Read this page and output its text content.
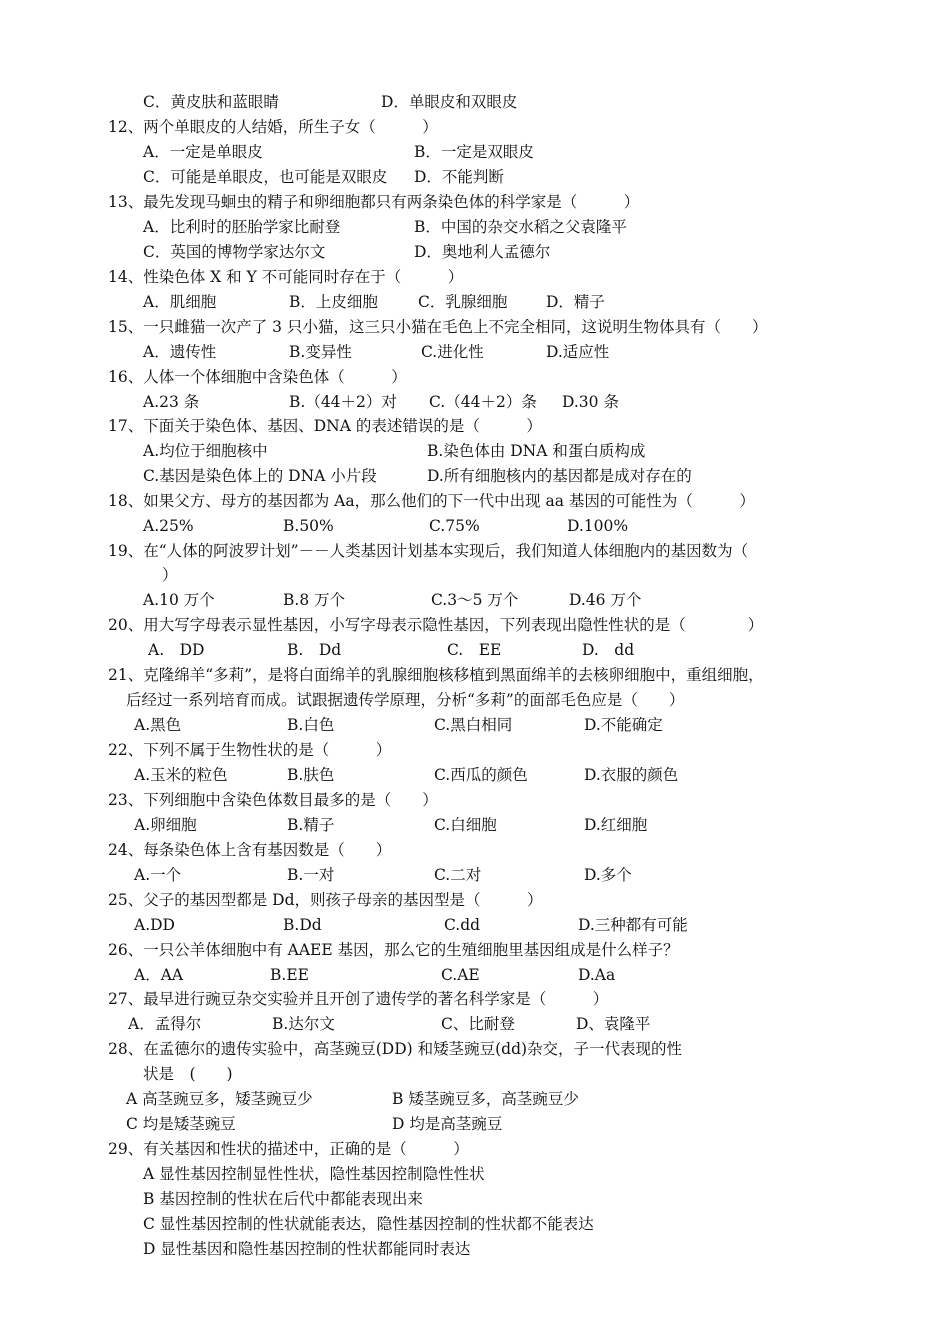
C．黄皮肤和蓝眼睛	D．单眼皮和双眼皮
12、两个单眼皮的人结婚，所生子女（　　　）
A．一定是单眼皮	B．一定是双眼皮
C．可能是单眼皮，也可能是双眼皮 D．不能判断
13、最先发现马蛔虫的精子和卵细胞都只有两条染色体的科学家是（　　　）
A．比利时的胚胎学家比耐登	B．中国的杂交水稻之父袁隆平
C．英国的博物学家达尔文	D．奥地利人孟德尔
14、性染色体 X 和 Y 不可能同时存在于（　　　）
A．肌细胞	B．上皮细胞	C．乳腺细胞 D．精子
15、一只雌猫一次产了 3 只小猫，这三只小猫在毛色上不完全相同，这说明生物体具有（　　）
A．遗传性	B.变异性	C.进化性	D.适应性
16、人体一个体细胞中含染色体（　　　）
A.23 条	B.（44＋2）对 C.（44＋2）条 D.30 条
17、下面关于染色体、基因、DNA 的表述错误的是（　　　）
A.均位于细胞核中	B.染色体由 DNA 和蛋白质构成
C.基因是染色体上的 DNA 小片段	D.所有细胞核内的基因都是成对存在的
18、如果父方、母方的基因都为 Aa，那么他们的下一代中出现 aa 基因的可能性为（　　　）
A.25%	B.50%	C.75%	D.100%
19、在“人体的阿波罗计划”－－人类基因计划基本实现后，我们知道人体细胞内的基因数为（
）
A.10 万个	B.8 万个	C.3～5 万个	D.46 万个
20、用大写字母表示显性基因，小写字母表示隐性基因，下列表现出隐性性状的是（　　　　）
A.　DD	B.　Dd	C.　EE	D.　dd
21、克隆绵羊“多莉”，是将白面绵羊的乳腺细胞核移植到黑面绵羊的去核卵细胞中，重组细胞，
后经过一系列培育而成。试跟据遗传学原理，分析“多莉”的面部毛色应是（　　）
A.黑色	B.白色	C.黑白相同	D.不能确定
22、下列不属于生物性状的是（　　　）
A.玉米的粒色	B.肤色	C.西瓜的颜色	D.衣服的颜色
23、下列细胞中含染色体数目最多的是（　　）
A.卵细胞	B.精子	C.白细胞	D.红细胞
24、每条染色体上含有基因数是（　　）
A.一个	B.一对	C.二对	D.多个
25、父子的基因型都是 Dd，则孩子母亲的基因型是（　　　）
A.DD	B.Dd	C.dd	D.三种都有可能
26、一只公羊体细胞中有 AAEE 基因，那么它的生殖细胞里基因组成是什么样子？
A．AA	B.EE	C.AE	D.Aa
27、最早进行豌豆杂交实验并且开创了遗传学的著名科学家是（　　　）
A．孟得尔	B.达尔文	C、比耐登	D、袁隆平
28、在孟德尔的遗传实验中，高茎豌豆(DD) 和矮茎豌豆(dd)杂交，子一代表现的性
状是　(　　)
A 高茎豌豆多，矮茎豌豆少	B 矮茎豌豆多，高茎豌豆少
C 均是矮茎豌豆	D 均是高茎豌豆
29、有关基因和性状的描述中，正确的是（　　　）
A 显性基因控制显性性状，隐性基因控制隐性性状
B 基因控制的性状在后代中都能表现出来
C 显性基因控制的性状就能表达，隐性基因控制的性状都不能表达
D 显性基因和隐性基因控制的性状都能同时表达
